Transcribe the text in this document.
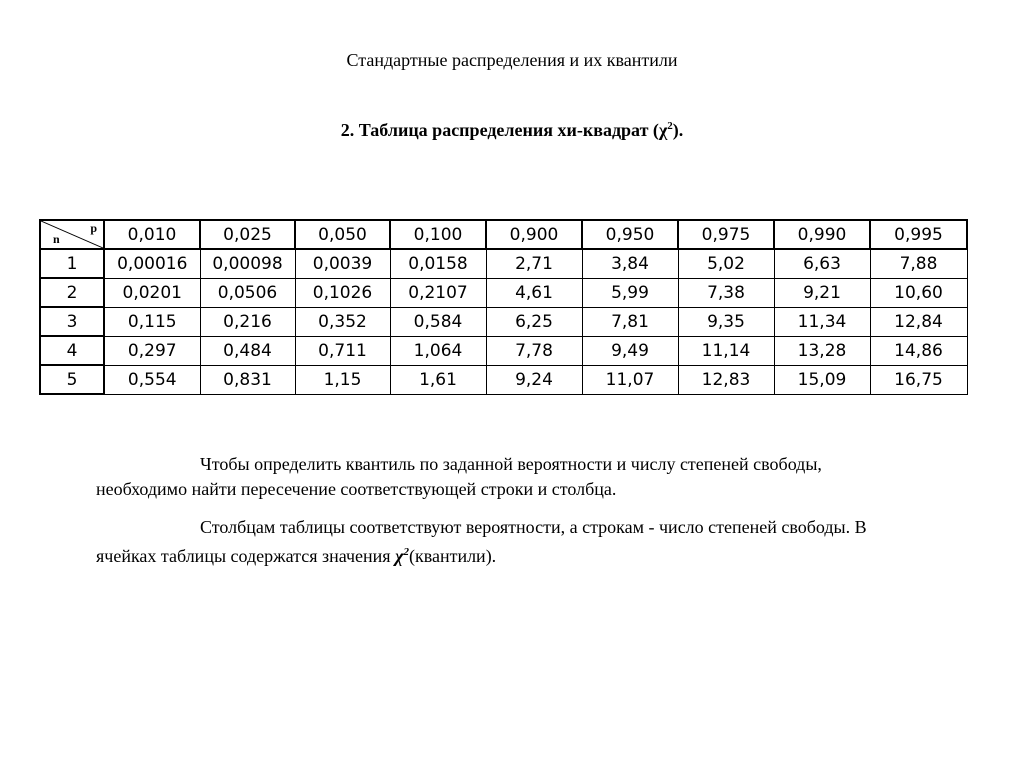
Стандартные распределения и их квантили
2. Таблица распределения хи-квадрат $(\chi^2)$.
n
p	0,010	0,025	0,050	0,100	0,900	0,950	0,975	0,990	0,995
1	0,00016	0,00098	0,0039	0,0158	2,71	3,84	5,02	6,63	7,88
2	0,0201	0,0506	0,1026	0,2107	4,61	5,99	7,38	9,21	10,60
3	0,115	0,216	0,352	0,584	6,25	7,81	9,35	11,34	12,84
4	0,297	0,484	0,711	1,064	7,78	9,49	11,14	13,28	14,86
5	0,554	0,831	1,15	1,61	9,24	11,07	12,83	15,09	16,75

Чтобы определить квантиль по заданной вероятности и числу степеней свободы, необходимо найти пересечение соответствующей строки и столбца.

Столбцам таблицы соответствуют вероятности, а строкам - число степеней свободы. В ячейках таблицы содержатся значения $\chi^2(квантили)$.
